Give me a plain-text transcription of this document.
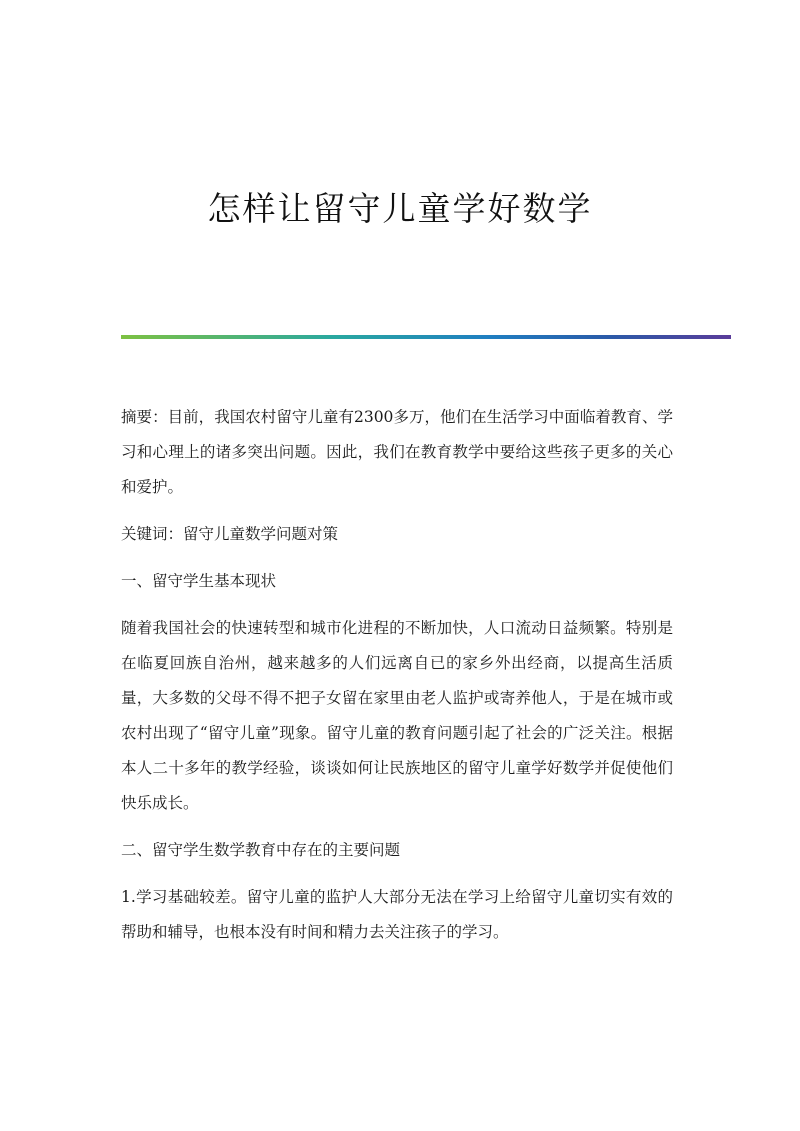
怎样让留守儿童学好数学

摘要：目前，我国农村留守儿童有2300多万，他们在生活学习中面临着教育、学习和心理上的诸多突出问题。因此，我们在教育教学中要给这些孩子更多的关心和爱护。

关键词：留守儿童数学问题对策

一、留守学生基本现状

随着我国社会的快速转型和城市化进程的不断加快，人口流动日益频繁。特别是在临夏回族自治州，越来越多的人们远离自已的家乡外出经商，以提高生活质量，大多数的父母不得不把子女留在家里由老人监护或寄养他人，于是在城市或农村出现了“留守儿童”现象。留守儿童的教育问题引起了社会的广泛关注。根据本人二十多年的教学经验，谈谈如何让民族地区的留守儿童学好数学并促使他们快乐成长。

二、留守学生数学教育中存在的主要问题

1.学习基础较差。留守儿童的监护人大部分无法在学习上给留守儿童切实有效的帮助和辅导，也根本没有时间和精力去关注孩子的学习。
